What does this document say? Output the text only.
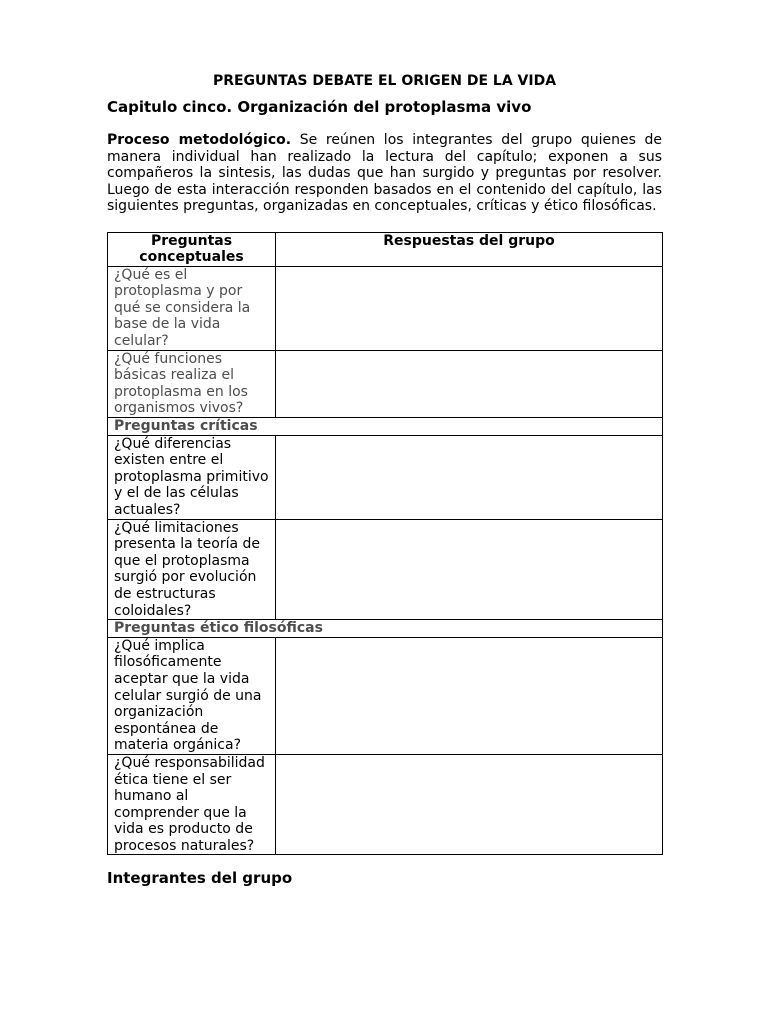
PREGUNTAS DEBATE EL ORIGEN DE LA VIDA

Capitulo cinco. Organización del protoplasma vivo

Proceso metodológico. Se reúnen los integrantes del grupo quienes de manera individual han realizado la lectura del capítulo; exponen a sus compañeros la sintesis, las dudas que han surgido y preguntas por resolver. Luego de esta interacción responden basados en el contenido del capítulo, las siguientes preguntas, organizadas en conceptuales, críticas y ético filosóficas.

Preguntas conceptuales	Respuestas del grupo
¿Qué es el protoplasma y por qué se considera la base de la vida celular?	
¿Qué funciones básicas realiza el protoplasma en los organismos vivos?	
Preguntas críticas	
¿Qué diferencias existen entre el protoplasma primitivo y el de las células actuales?	
¿Qué limitaciones presenta la teoría de que el protoplasma surgió por evolución de estructuras coloidales?	
Preguntas ético filosóficas	
¿Qué implica filosóficamente aceptar que la vida celular surgió de una organización espontánea de materia orgánica?	
¿Qué responsabilidad ética tiene el ser humano al comprender que la vida es producto de procesos naturales?	

Integrantes del grupo
